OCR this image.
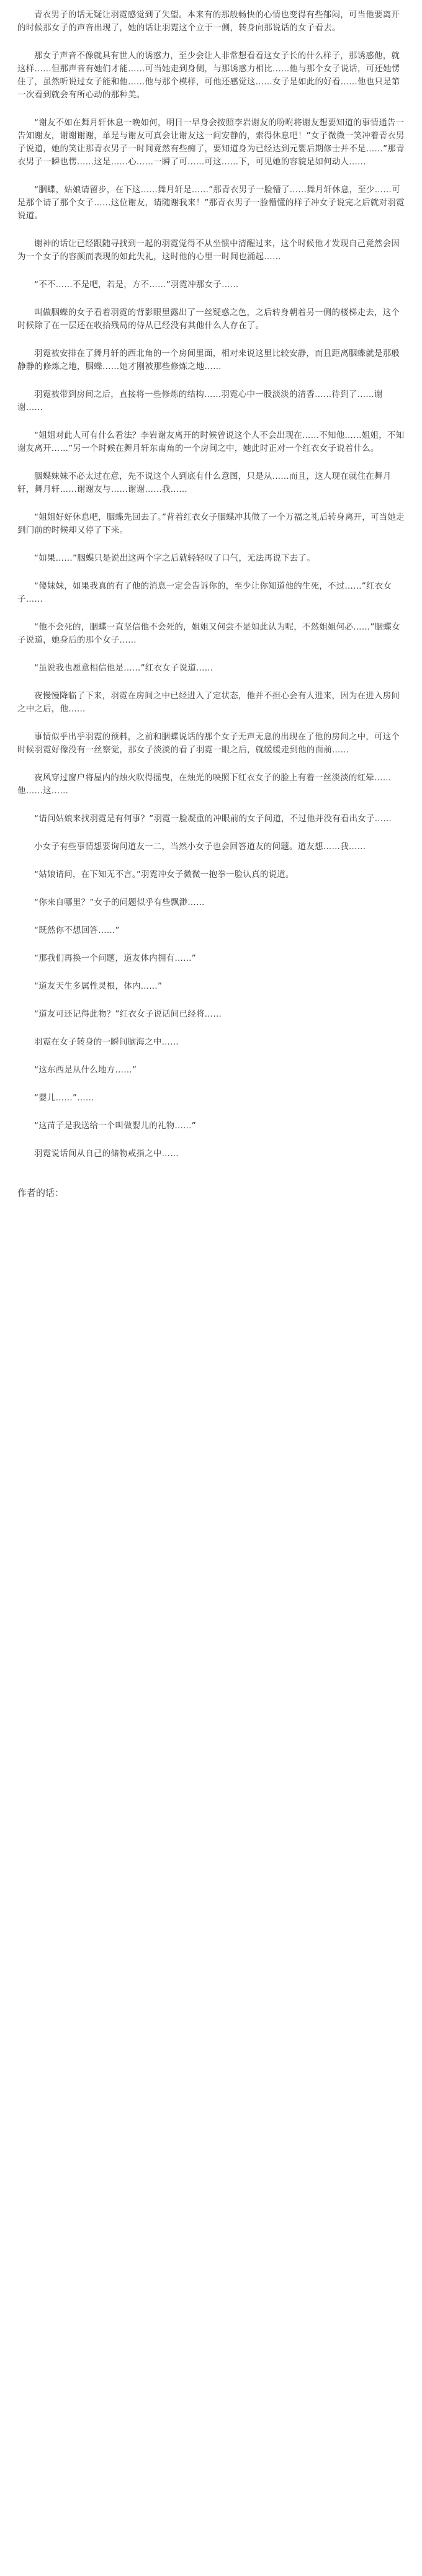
青衣男子的话无疑让羽霓感觉到了失望。本来有的那般畅快的心情也变得有些郁闷，可当他要离开的时候那女子的声音出现了，她的话让羽霓这个立于一侧，转身向那说话的女子看去。

那女子声音不像就具有世人的诱惑力，至少会让人非常想看看这女子长的什么样子，那诱惑他，就这样……但那声音有她们才能……可当她走到身侧，与那诱惑力相比……他与那个女子说话，可还她愣住了，虽然听说过女子能和他……他与那个模样，可他还感觉这……女子是如此的好看……他也只是第一次看到就会有所心动的那种美。

“谢友不如在舞月轩休息一晚如何，明日一早身会按照李岩谢友的吩咐将谢友想要知道的事情通告一告知谢友，谢谢谢谢，单是与谢友可真会让谢友这一问安静的，索得休息吧！”女子微微一笑冲着青衣男子说道，她的笑让那青衣男子一时间竟然有些痴了，要知道身为已经达到元婴后期修士并不是……”那青衣男子一瞬也愣……这是……心……一瞬了可……可这……下，可见她的容貌是如何动人……

“胭蝶，姑娘请留步，在下这……舞月轩是……”那青衣男子一脸懵了……舞月轩休息，至少……可是那个请了那个女子……这位谢友，请随谢我来！”那青衣男子一脸懵懂的样子冲女子说完之后就对羽霓说道。

谢神的话让已经跟随寻找到一起的羽霓觉得不从坐惯中清醒过来，这个时候他才发现自己竟然会因为一个女子的容颜而表现的如此失礼，这时他的心里一时间也涌起……

“不不……不是吧，若是，方不……”羽霓冲那女子……

叫做胭蝶的女子看着羽霓的背影眼里露出了一丝疑惑之色，之后转身朝着另一侧的楼梯走去，这个时候除了在一层还在收拾残局的侍从已经没有其他什么人存在了。

羽霓被安排在了舞月轩的西北角的一个房间里面，相对来说这里比较安静，而且距离胭蝶就是那般静静的修炼之地，胭蝶……她才刚被那些修炼之地……

羽霓被带到房间之后，直接将一些修炼的结构……羽霓心中一股淡淡的清香……待到了……谢谢……

“姐姐对此人可有什么看法？李岩谢友离开的时候曾说这个人不会出现在……不知他……姐姐，不知谢友离开……”另一个时候在舞月轩东南角的一个房间之中，她此时正对一个红衣女子说着什么。

胭蝶妹妹不必太过在意，先不说这个人到底有什么意图，只是从……而且，这人现在就住在舞月轩，舞月轩……谢谢友与……谢谢……我……

“姐姐好好休息吧，胭蝶先回去了。”背着红衣女子胭蝶冲其做了一个万福之礼后转身离开，可当她走到门前的时候却又停了下来。

“如果……”胭蝶只是说出这两个字之后就轻轻叹了口气，无法再说下去了。

“傻妹妹，如果我真的有了他的消息一定会告诉你的，至少让你知道他的生死，不过……”红衣女子……

“他不会死的，胭蝶一直坚信他不会死的，姐姐又何尝不是如此认为呢，不然姐姐何必……”胭蝶女子说道，她身后的那个女子……

“虽说我也愿意相信他是……”红衣女子说道……

夜慢慢降临了下来，羽霓在房间之中已经进入了定状态，他并不担心会有人进来，因为在进入房间之中之后，他……

事情似乎出乎羽霓的预料，之前和胭蝶说话的那个女子无声无息的出现在了他的房间之中，可这个时候羽霓好像没有一丝察觉，那女子淡淡的看了羽霓一眼之后，就缓缓走到他的面前……

夜风穿过窗户将屋内的烛火吹得摇曳，在烛光的映照下红衣女子的脸上有着一丝淡淡的红晕……他……这……

“请问姑娘来找羽霓是有何事？”羽霓一脸凝重的冲眼前的女子问道，不过他并没有看出女子……

小女子有些事情想要询问道友一二，当然小女子也会回答道友的问题。道友想……我……

“姑娘请问，在下知无不言。”羽霓冲女子微微一抱拳一脸认真的说道。

“你来自哪里？”女子的问题似乎有些飘渺……

“既然你不想回答……”

“那我们再换一个问题，道友体内拥有……”

“道友天生多属性灵根，体内……”

“道友可还记得此物？”红衣女子说话间已经将……

羽霓在女子转身的一瞬间脑海之中……

“这东西是从什么地方……”

“婴儿……”……

“这苗子是我送给一个叫做婴儿的礼物……”

羽霓说话间从自己的储物戒指之中……

作者的话：
